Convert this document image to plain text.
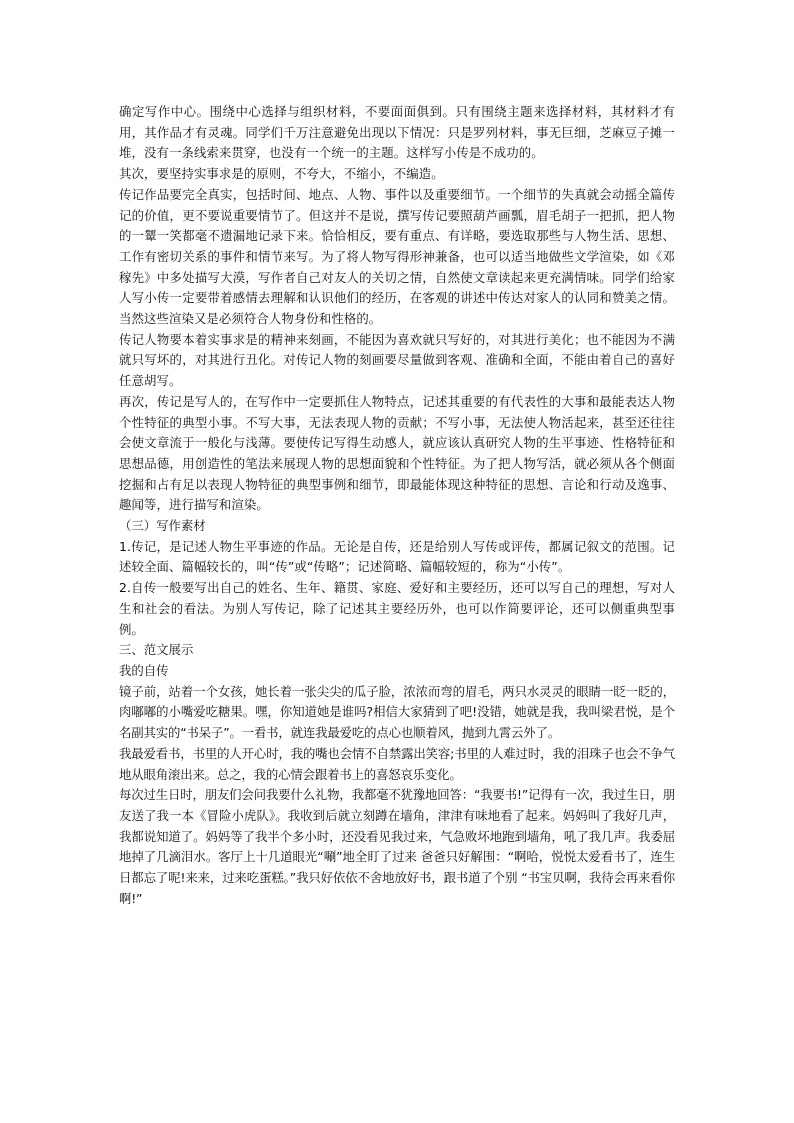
确定写作中心。围绕中心选择与组织材料，不要面面俱到。只有围绕主题来选择材料，其材料才有用，其作品才有灵魂。同学们千万注意避免出现以下情况：只是罗列材料，事无巨细，芝麻豆子摊一堆，没有一条线索来贯穿，也没有一个统一的主题。这样写小传是不成功的。

其次，要坚持实事求是的原则，不夸大，不缩小，不编造。

传记作品要完全真实，包括时间、地点、人物、事件以及重要细节。一个细节的失真就会动摇全篇传记的价值，更不要说重要情节了。但这并不是说，撰写传记要照葫芦画瓢，眉毛胡子一把抓，把人物的一颦一笑都毫不遗漏地记录下来。恰恰相反，要有重点、有详略，要选取那些与人物生活、思想、工作有密切关系的事件和情节来写。为了将人物写得形神兼备，也可以适当地做些文学渲染，如《邓稼先》中多处描写大漠，写作者自己对友人的关切之情，自然使文章读起来更充满情味。同学们给家人写小传一定要带着感情去理解和认识他们的经历，在客观的讲述中传达对家人的认同和赞美之情。当然这些渲染又是必须符合人物身份和性格的。

传记人物要本着实事求是的精神来刻画，不能因为喜欢就只写好的，对其进行美化；也不能因为不满就只写坏的，对其进行丑化。对传记人物的刻画要尽量做到客观、准确和全面，不能由着自己的喜好任意胡写。

再次，传记是写人的，在写作中一定要抓住人物特点，记述其重要的有代表性的大事和最能表达人物个性特征的典型小事。不写大事，无法表现人物的贡献；不写小事，无法使人物活起来，甚至还往往会使文章流于一般化与浅薄。要使传记写得生动感人，就应该认真研究人物的生平事迹、性格特征和思想品德，用创造性的笔法来展现人物的思想面貌和个性特征。为了把人物写活，就必须从各个侧面挖掘和占有足以表现人物特征的典型事例和细节，即最能体现这种特征的思想、言论和行动及逸事、趣闻等，进行描写和渲染。

（三）写作素材

1.传记，是记述人物生平事迹的作品。无论是自传，还是给别人写传或评传，都属记叙文的范围。记述较全面、篇幅较长的，叫“传”或“传略”；记述简略、篇幅较短的，称为“小传”。

2.自传一般要写出自己的姓名、生年、籍贯、家庭、爱好和主要经历，还可以写自己的理想，写对人生和社会的看法。为别人写传记，除了记述其主要经历外，也可以作简要评论，还可以侧重典型事例。

三、范文展示

我的自传

镜子前，站着一个女孩，她长着一张尖尖的瓜子脸，浓浓而弯的眉毛，两只水灵灵的眼睛一眨一眨的，肉嘟嘟的小嘴爱吃糖果。嘿，你知道她是谁吗?相信大家猜到了吧!没错，她就是我，我叫梁君悦，是个名副其实的“书呆子”。一看书，就连我最爱吃的点心也顺着风，抛到九霄云外了。

我最爱看书，书里的人开心时，我的嘴也会情不自禁露出笑容;书里的人难过时，我的泪珠子也会不争气地从眼角滚出来。总之，我的心情会跟着书上的喜怒哀乐变化。

每次过生日时，朋友们会问我要什么礼物，我都毫不犹豫地回答：“我要书!”记得有一次，我过生日，朋友送了我一本《冒险小虎队》。我收到后就立刻蹲在墙角，津津有味地看了起来。妈妈叫了我好几声，我都说知道了。妈妈等了我半个多小时，还没看见我过来，气急败坏地跑到墙角，吼了我几声。我委屈地掉了几滴泪水。客厅上十几道眼光“唰”地全盯了过来 爸爸只好解围：“啊哈，悦悦太爱看书了，连生日都忘了呢!来来，过来吃蛋糕。”我只好依依不舍地放好书，跟书道了个别 “书宝贝啊，我待会再来看你啊!”
